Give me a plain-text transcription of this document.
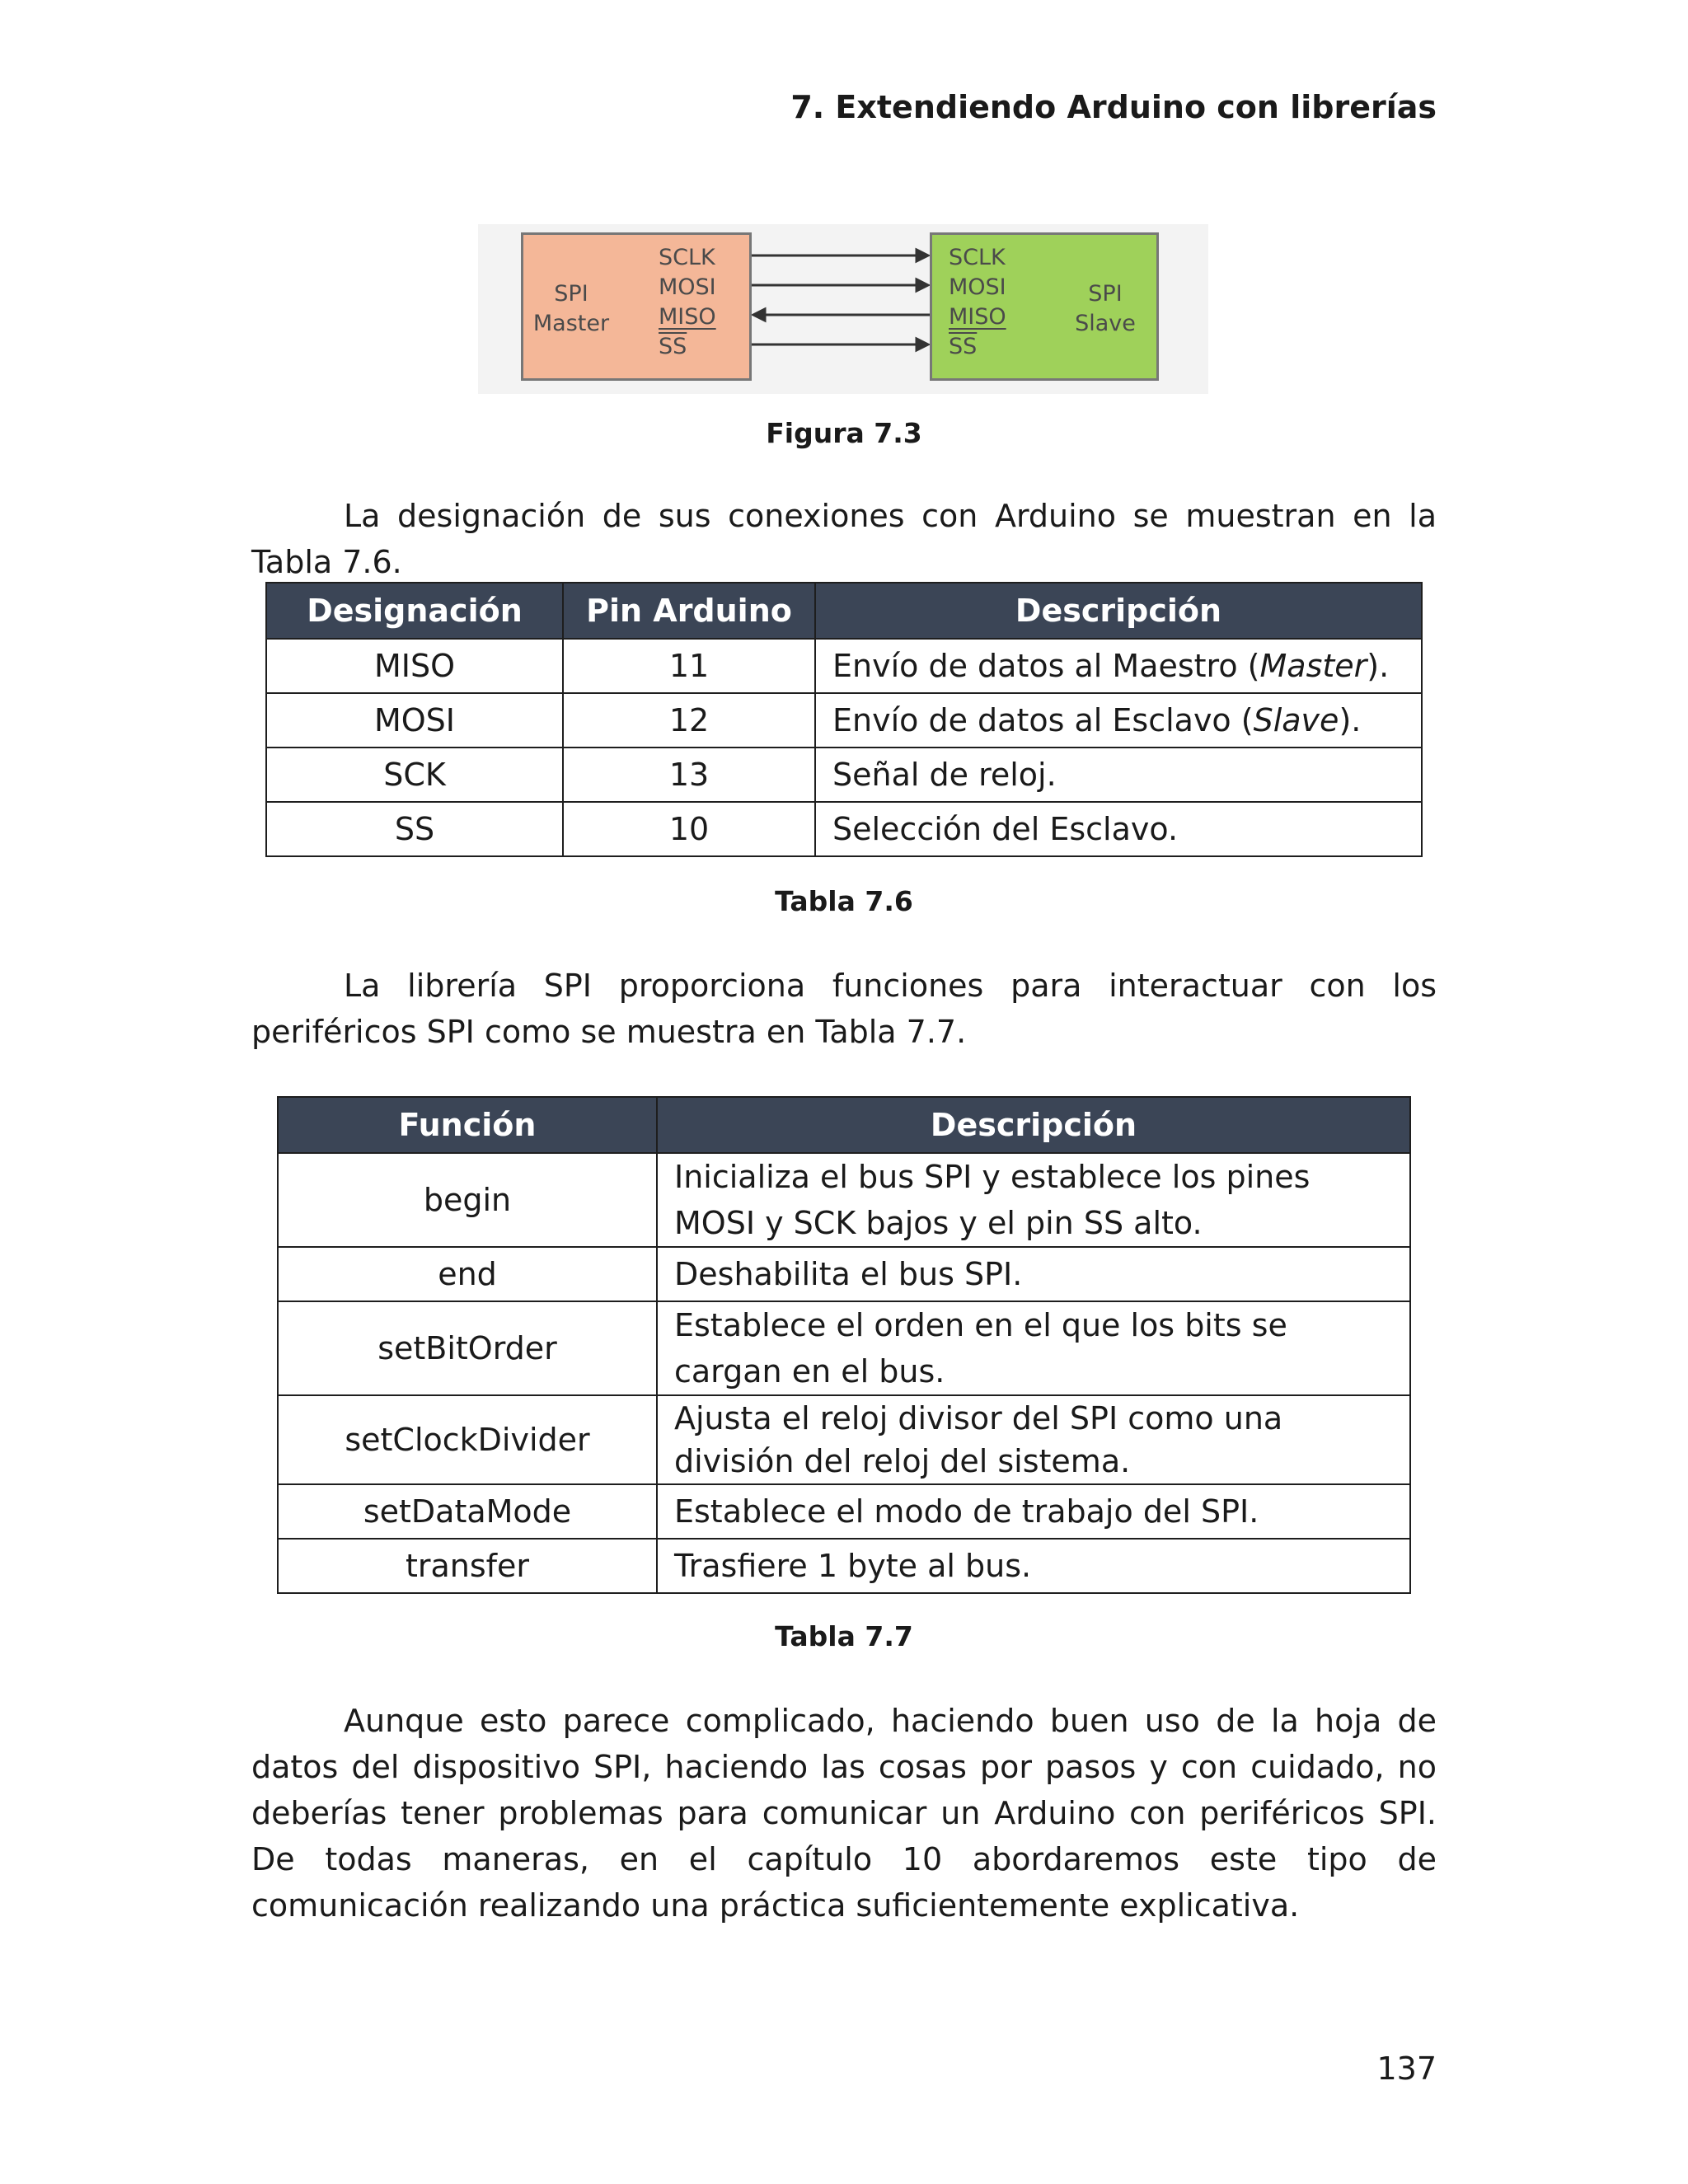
7. Extendiendo Arduino con librerías
SPI
Master
SCLK
MOSI
MISO
$\overline{SS}$
SCLK
MOSI
MISO
$\overline{SS}$
SPI
Slave
Figura 7.3
La designación de sus conexiones con Arduino se muestran en la Tabla 7.6.
Designación	Pin Arduino	Descripción
MISO	11	Envío de datos al Maestro (Master).
MOSI	12	Envío de datos al Esclavo (Slave).
SCK	13	Señal de reloj.
SS	10	Selección del Esclavo.
Tabla 7.6
La librería SPI proporciona funciones para interactuar con los periféricos SPI como se muestra en Tabla 7.7.
Función	Descripción
begin	Inicializa el bus SPI y establece los pines MOSI y SCK bajos y el pin SS alto.
end	Deshabilita el bus SPI.
setBitOrder	Establece el orden en el que los bits se cargan en el bus.
setClockDivider	Ajusta el reloj divisor del SPI como una división del reloj del sistema.
setDataMode	Establece el modo de trabajo del SPI.
transfer	Trasfiere 1 byte al bus.
Tabla 7.7
Aunque esto parece complicado, haciendo buen uso de la hoja de datos del dispositivo SPI, haciendo las cosas por pasos y con cuidado, no deberías tener problemas para comunicar un Arduino con periféricos SPI. De todas maneras, en el capítulo 10 abordaremos este tipo de comunicación realizando una práctica suficientemente explicativa.
137
